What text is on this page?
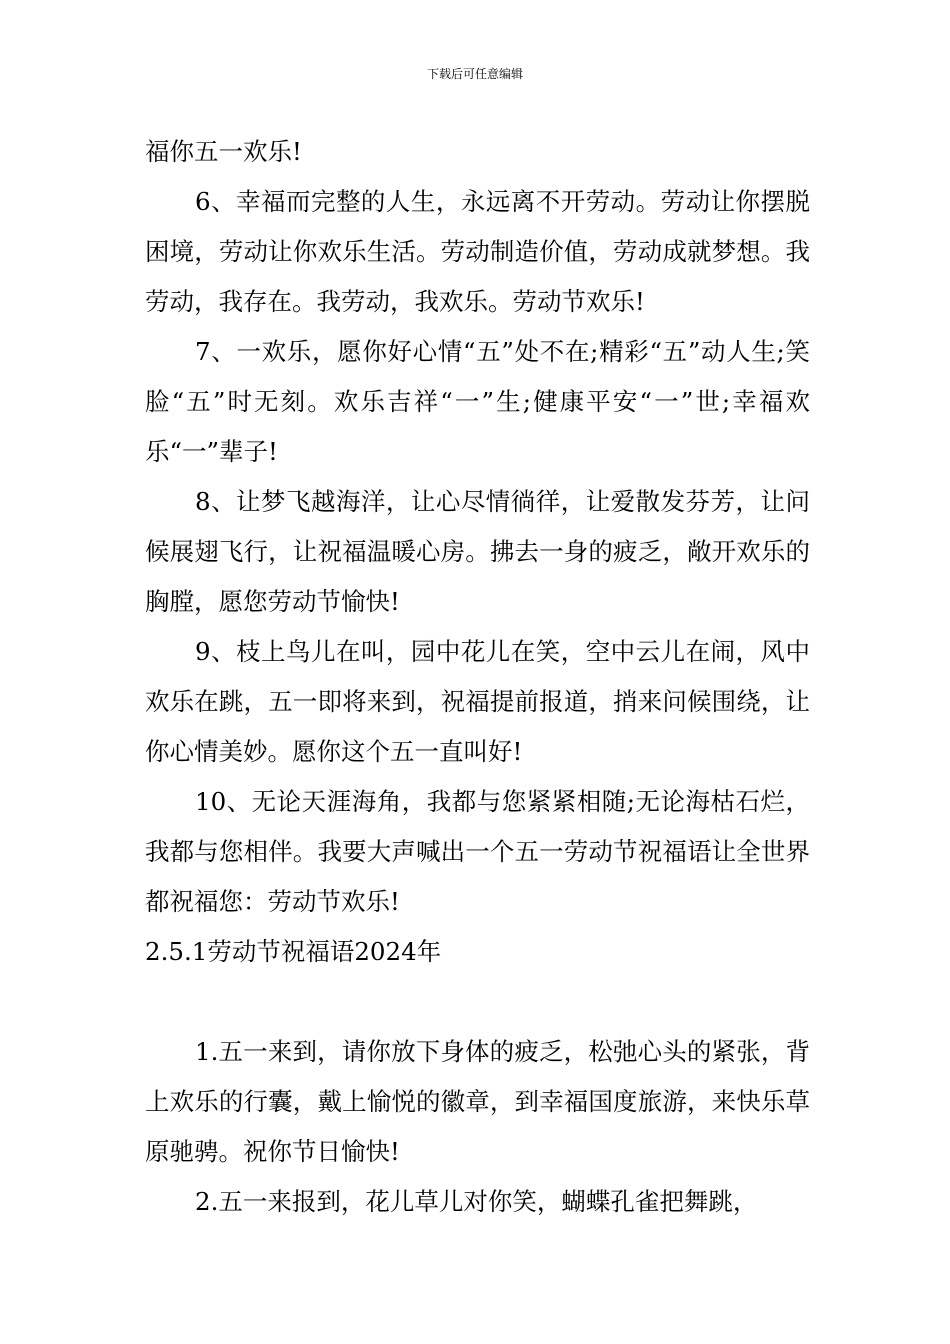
下载后可任意编辑

福你五一欢乐!

6、幸福而完整的人生，永远离不开劳动。劳动让你摆脱困境，劳动让你欢乐生活。劳动制造价值，劳动成就梦想。我劳动，我存在。我劳动，我欢乐。劳动节欢乐!

7、一欢乐，愿你好心情“五”处不在;精彩“五”动人生;笑脸“五”时无刻。欢乐吉祥“一”生;健康平安“一”世;幸福欢乐“一”辈子!

8、让梦飞越海洋，让心尽情徜徉，让爱散发芬芳，让问候展翅飞行，让祝福温暖心房。拂去一身的疲乏，敞开欢乐的胸膛，愿您劳动节愉快!

9、枝上鸟儿在叫，园中花儿在笑，空中云儿在闹，风中欢乐在跳，五一即将来到，祝福提前报道，捎来问候围绕，让你心情美妙。愿你这个五一直叫好!

10、无论天涯海角，我都与您紧紧相随;无论海枯石烂，我都与您相伴。我要大声喊出一个五一劳动节祝福语让全世界都祝福您：劳动节欢乐!

2.5.1劳动节祝福语2024年

1.五一来到，请你放下身体的疲乏，松弛心头的紧张，背上欢乐的行囊，戴上愉悦的徽章，到幸福国度旅游，来快乐草原驰骋。祝你节日愉快!

2.五一来报到，花儿草儿对你笑，蝴蝶孔雀把舞跳，
